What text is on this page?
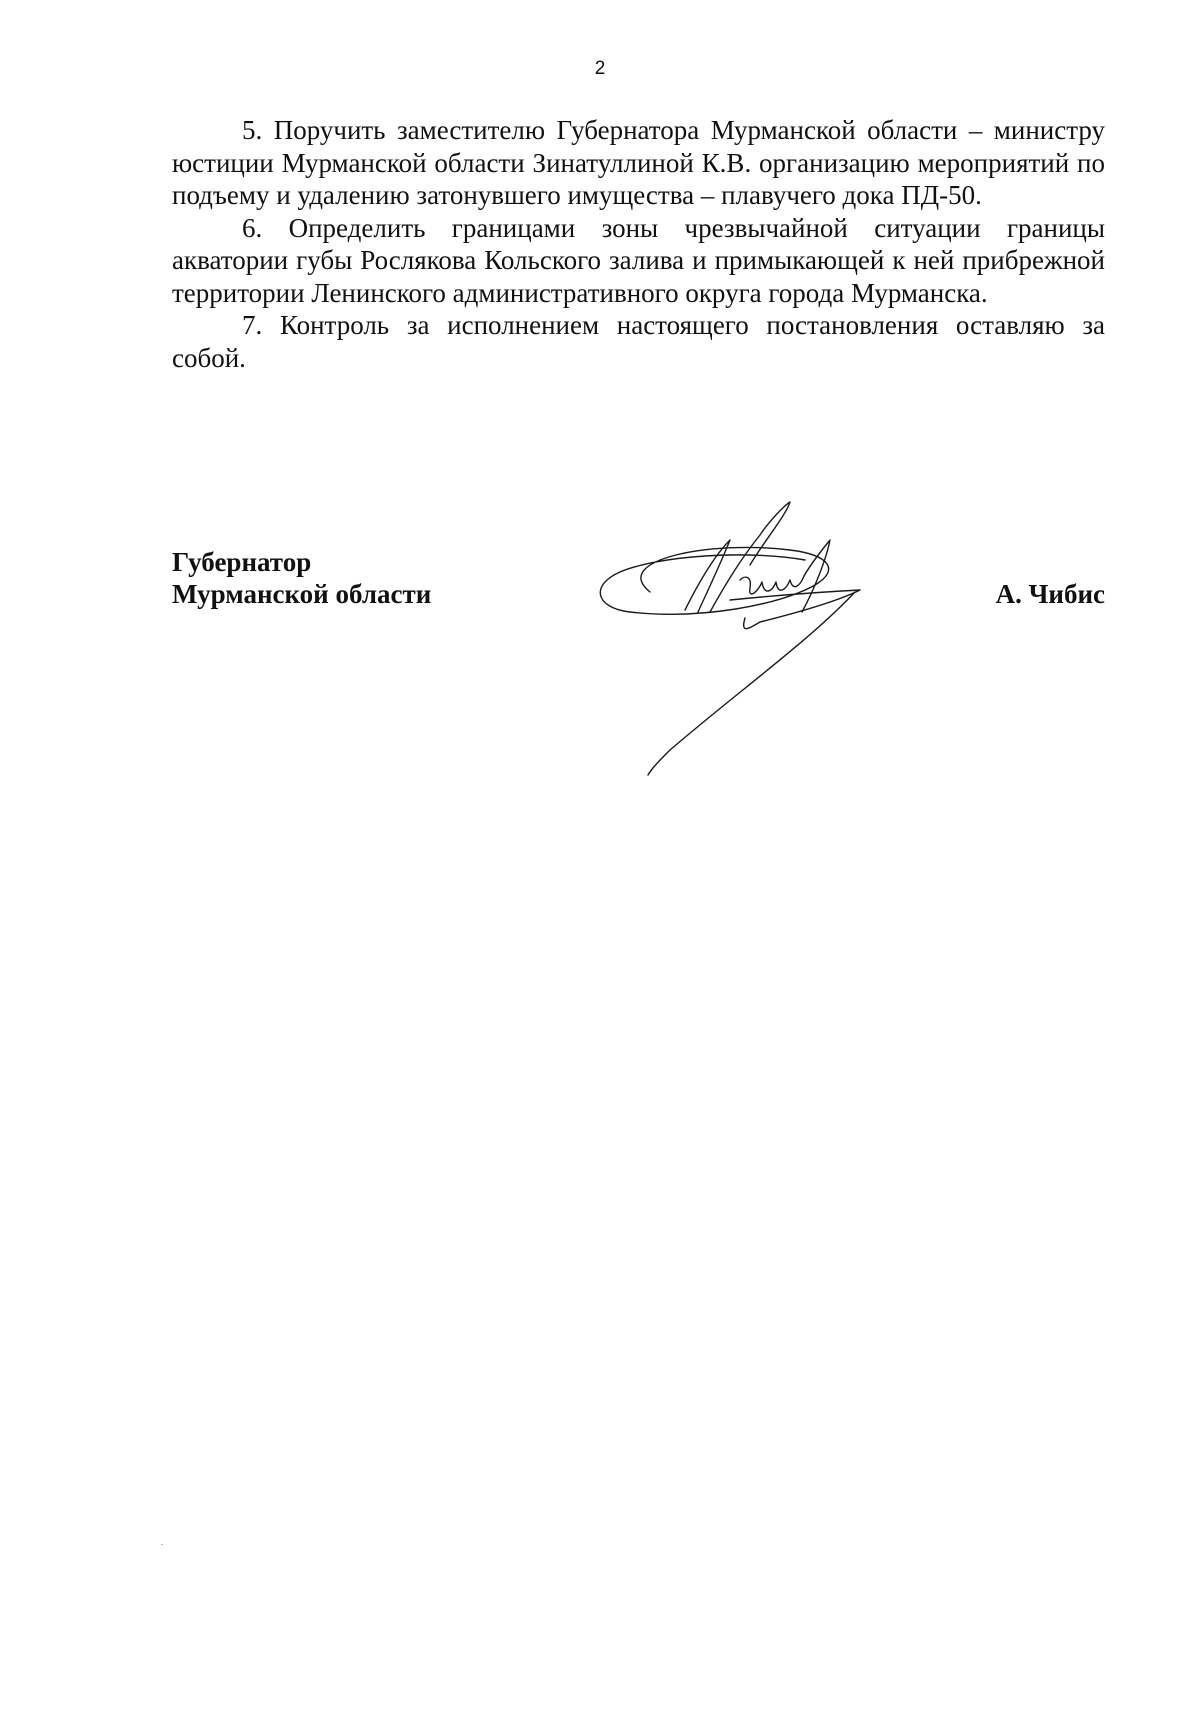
2

5. Поручить заместителю Губернатора Мурманской области – министру юстиции Мурманской области Зинатуллиной К.В. организацию мероприятий по подъему и удалению затонувшего имущества – плавучего дока ПД-50.

6. Определить границами зоны чрезвычайной ситуации границы акватории губы Рослякова Кольского залива и примыкающей к ней прибрежной территории Ленинского административного округа города Мурманска.

7. Контроль за исполнением настоящего постановления оставляю за собой.

Губернатор
Мурманской области	А. Чибис
